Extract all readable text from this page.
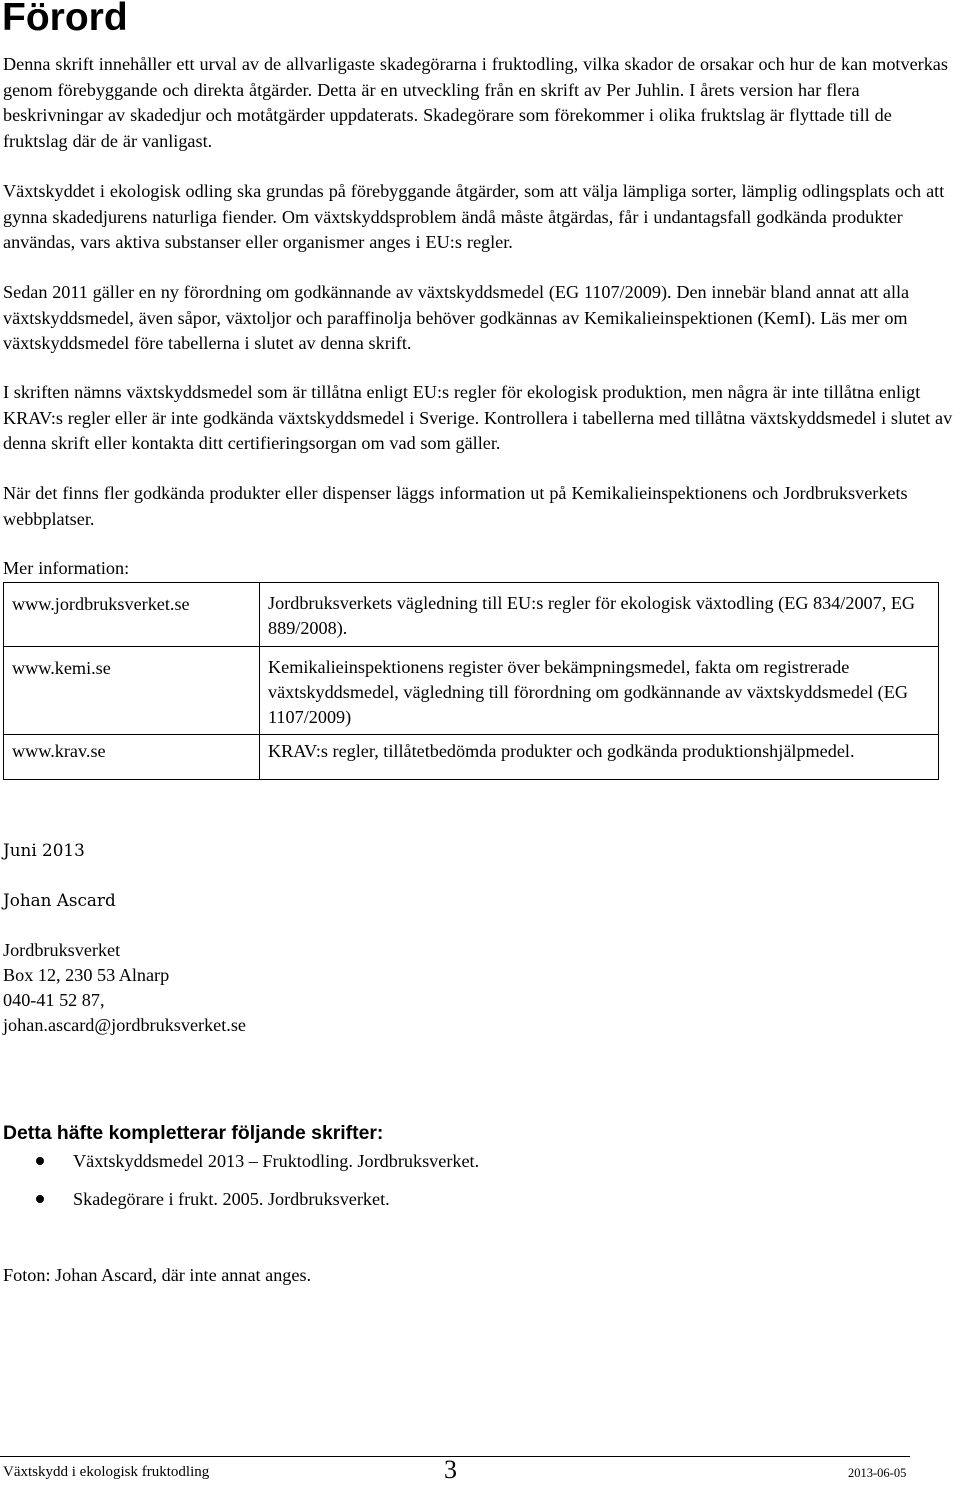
Förord

Denna skrift innehåller ett urval av de allvarligaste skadegörarna i fruktodling, vilka skador de orsakar och hur de kan motverkas genom förebyggande och direkta åtgärder. Detta är en utveckling från en skrift av Per Juhlin. I årets version har flera beskrivningar av skadedjur och motåtgärder uppdaterats. Skadegörare som förekommer i olika fruktslag är flyttade till de fruktslag där de är vanligast.

Växtskyddet i ekologisk odling ska grundas på förebyggande åtgärder, som att välja lämpliga sorter, lämplig odlingsplats och att gynna skadedjurens naturliga fiender. Om växtskyddsproblem ändå måste åtgärdas, får i undantagsfall godkända produkter användas, vars aktiva substanser eller organismer anges i EU:s regler.

Sedan 2011 gäller en ny förordning om godkännande av växtskyddsmedel (EG 1107/2009). Den innebär bland annat att alla växtskyddsmedel, även såpor, växtoljor och paraffinolja behöver godkännas av Kemikalieinspektionen (KemI). Läs mer om växtskyddsmedel före tabellerna i slutet av denna skrift.

I skriften nämns växtskyddsmedel som är tillåtna enligt EU:s regler för ekologisk produktion, men några är inte tillåtna enligt KRAV:s regler eller är inte godkända växtskyddsmedel i Sverige. Kontrollera i tabellerna med tillåtna växtskyddsmedel i slutet av denna skrift eller kontakta ditt certifieringsorgan om vad som gäller.

När det finns fler godkända produkter eller dispenser läggs information ut på Kemikalieinspektionens och Jordbruksverkets webbplatser.

Mer information:

www.jordbruksverket.se	Jordbruksverkets vägledning till EU:s regler för ekologisk växtodling (EG 834/2007, EG 889/2008).
www.kemi.se	Kemikalieinspektionens register över bekämpningsmedel, fakta om registrerade växtskyddsmedel, vägledning till förordning om godkännande av växtskyddsmedel (EG 1107/2009)
www.krav.se	KRAV:s regler, tillåtetbedömda produkter och godkända produktionshjälpmedel.

Juni 2013

Johan Ascard

Jordbruksverket
Box 12, 230 53 Alnarp
040-41 52 87,
johan.ascard@jordbruksverket.se
Detta häfte kompletterar följande skrifter:
Växtskyddsmedel 2013 – Fruktodling. Jordbruksverket.
Skadegörare i frukt. 2005. Jordbruksverket.

Foton: Johan Ascard, där inte annat anges.

Växtskydd i ekologisk fruktodling	3	2013-06-05
